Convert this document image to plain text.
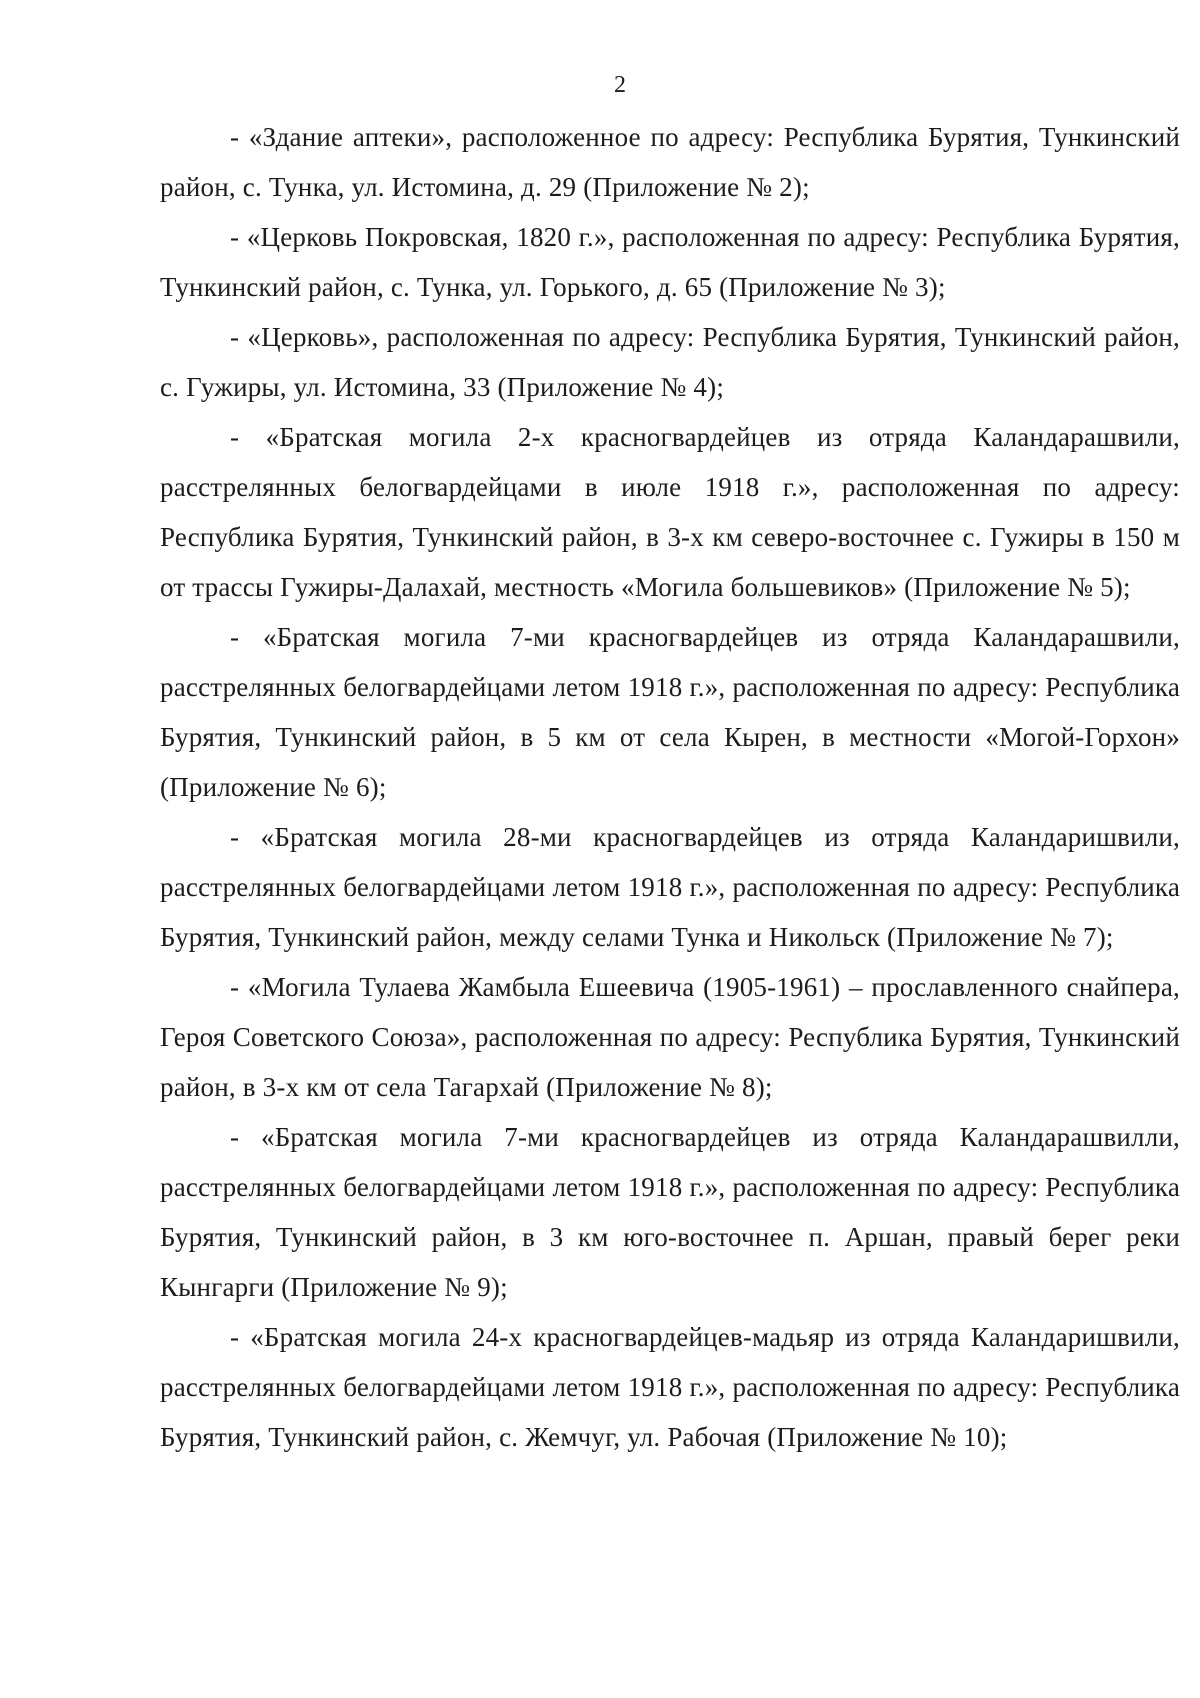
2

- «Здание аптеки», расположенное по адресу: Республика Бурятия, Тункинский район, с. Тунка, ул. Истомина, д. 29 (Приложение № 2);

- «Церковь Покровская, 1820 г.», расположенная по адресу: Республика Бурятия, Тункинский район, с. Тунка, ул. Горького, д. 65 (Приложение № 3);

- «Церковь», расположенная по адресу: Республика Бурятия, Тункинский район, с. Гужиры, ул. Истомина, 33 (Приложение № 4);

- «Братская могила 2-х красногвардейцев из отряда Каландарашвили, расстрелянных белогвардейцами в июле 1918 г.», расположенная по адресу: Республика Бурятия, Тункинский район, в 3-х км северо-восточнее с. Гужиры в 150 м от трассы Гужиры-Далахай, местность «Могила большевиков» (Приложение № 5);

- «Братская могила 7-ми красногвардейцев из отряда Каландарашвили, расстрелянных белогвардейцами летом 1918 г.», расположенная по адресу: Республика Бурятия, Тункинский район, в 5 км от села Кырен, в местности «Могой-Горхон» (Приложение № 6);

- «Братская могила 28-ми красногвардейцев из отряда Каландаришвили, расстрелянных белогвардейцами летом 1918 г.», расположенная по адресу: Республика Бурятия, Тункинский район, между селами Тунка и Никольск (Приложение № 7);

- «Могила Тулаева Жамбыла Ешеевича (1905-1961) – прославленного снайпера, Героя Советского Союза», расположенная по адресу: Республика Бурятия, Тункинский район, в 3-х км от села Тагархай (Приложение № 8);

- «Братская могила 7-ми красногвардейцев из отряда Каландарашвилли, расстрелянных белогвардейцами летом 1918 г.», расположенная по адресу: Республика Бурятия, Тункинский район, в 3 км юго-восточнее п. Аршан, правый берег реки Кынгарги (Приложение № 9);

- «Братская могила 24-х красногвардейцев-мадьяр из отряда Каландаришвили, расстрелянных белогвардейцами летом 1918 г.», расположенная по адресу: Республика Бурятия, Тункинский район, с. Жемчуг, ул. Рабочая (Приложение № 10);
